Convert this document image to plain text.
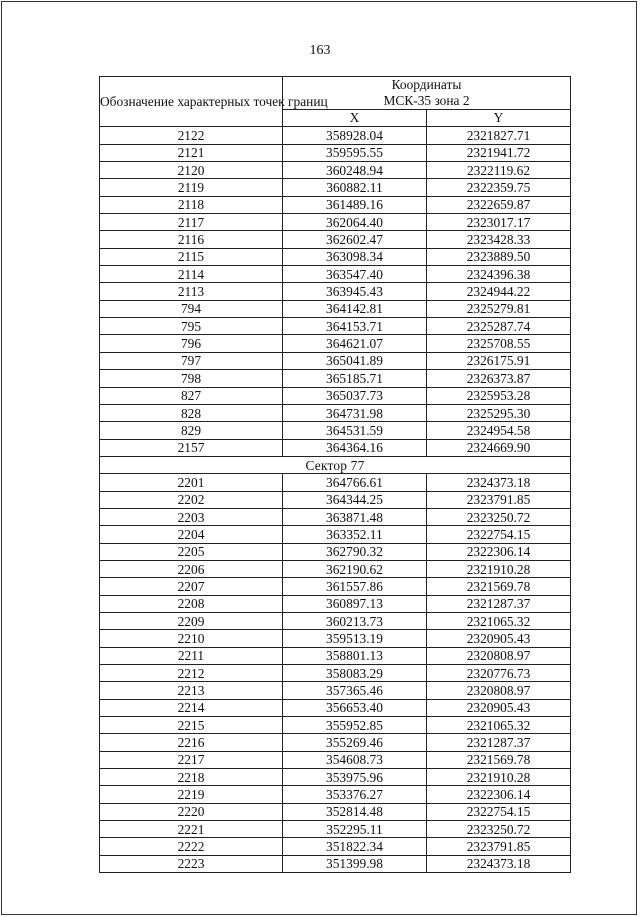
163
Обозначение характерных точек границ	Координаты
МСК-35 зона 2	
	X	Y
2122	358928.04	2321827.71
2121	359595.55	2321941.72
2120	360248.94	2322119.62
2119	360882.11	2322359.75
2118	361489.16	2322659.87
2117	362064.40	2323017.17
2116	362602.47	2323428.33
2115	363098.34	2323889.50
2114	363547.40	2324396.38
2113	363945.43	2324944.22
794	364142.81	2325279.81
795	364153.71	2325287.74
796	364621.07	2325708.55
797	365041.89	2326175.91
798	365185.71	2326373.87
827	365037.73	2325953.28
828	364731.98	2325295.30
829	364531.59	2324954.58
2157	364364.16	2324669.90
Сектор 77		
2201	364766.61	2324373.18
2202	364344.25	2323791.85
2203	363871.48	2323250.72
2204	363352.11	2322754.15
2205	362790.32	2322306.14
2206	362190.62	2321910.28
2207	361557.86	2321569.78
2208	360897.13	2321287.37
2209	360213.73	2321065.32
2210	359513.19	2320905.43
2211	358801.13	2320808.97
2212	358083.29	2320776.73
2213	357365.46	2320808.97
2214	356653.40	2320905.43
2215	355952.85	2321065.32
2216	355269.46	2321287.37
2217	354608.73	2321569.78
2218	353975.96	2321910.28
2219	353376.27	2322306.14
2220	352814.48	2322754.15
2221	352295.11	2323250.72
2222	351822.34	2323791.85
2223	351399.98	2324373.18
